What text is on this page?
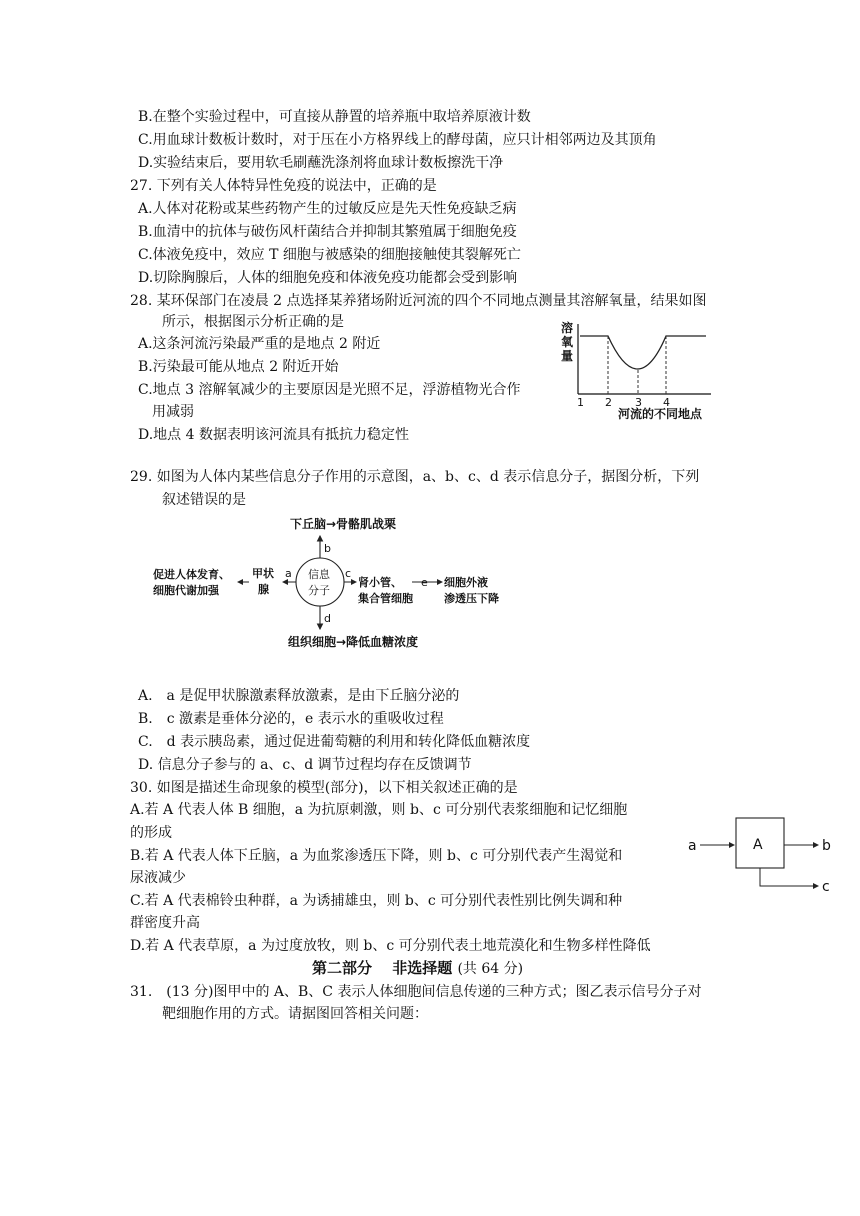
B.在整个实验过程中，可直接从静置的培养瓶中取培养原液计数
C.用血球计数板计数时，对于压在小方格界线上的酵母菌，应只计相邻两边及其顶角
D.实验结束后，要用软毛刷蘸洗涤剂将血球计数板擦洗干净
27. 下列有关人体特异性免疫的说法中，正确的是
A.人体对花粉或某些药物产生的过敏反应是先天性免疫缺乏病
B.血清中的抗体与破伤风杆菌结合并抑制其繁殖属于细胞免疫
C.体液免疫中，效应 T 细胞与被感染的细胞接触使其裂解死亡
D.切除胸腺后，人体的细胞免疫和体液免疫功能都会受到影响
28. 某环保部门在凌晨 2 点选择某养猪场附近河流的四个不同地点测量其溶解氧量，结果如图
所示，根据图示分析正确的是
A.这条河流污染最严重的是地点 2 附近
B.污染最可能从地点 2 附近开始
C.地点 3 溶解氧减少的主要原因是光照不足，浮游植物光合作
用减弱
D.地点 4 数据表明该河流具有抵抗力稳定性
溶
氧
量
1 2 3 4
河流的不同地点
29. 如图为人体内某些信息分子作用的示意图，a、b、c、d 表示信息分子，据图分析，下列
叙述错误的是
下丘脑→骨骼肌战栗
b
信息
分子
促进人体发育、
细胞代谢加强
甲状
腺
a	c
肾小管、
集合管细胞
e 细胞外液
渗透压下降
d
组织细胞→降低血糖浓度
A.　a 是促甲状腺激素释放激素，是由下丘脑分泌的
B.　c 激素是垂体分泌的，e 表示水的重吸收过程
C.　d 表示胰岛素，通过促进葡萄糖的利用和转化降低血糖浓度
D. 信息分子参与的 a、c、d 调节过程均存在反馈调节
30. 如图是描述生命现象的模型(部分)，以下相关叙述正确的是
A.若 A 代表人体 B 细胞，a 为抗原刺激，则 b、c 可分别代表浆细胞和记忆细胞
的形成
B.若 A 代表人体下丘脑，a 为血浆渗透压下降，则 b、c 可分别代表产生渴觉和
尿液减少
C.若 A 代表棉铃虫种群，a 为诱捕雄虫，则 b、c 可分别代表性别比例失调和种
群密度升高
D.若 A 代表草原，a 为过度放牧，则 b、c 可分别代表土地荒漠化和生物多样性降低
a	A	b
c
第二部分　 非选择题 (共 64 分)
31.　(13 分)图甲中的 A、B、C 表示人体细胞间信息传递的三种方式；图乙表示信号分子对
靶细胞作用的方式。请据图回答相关问题：
